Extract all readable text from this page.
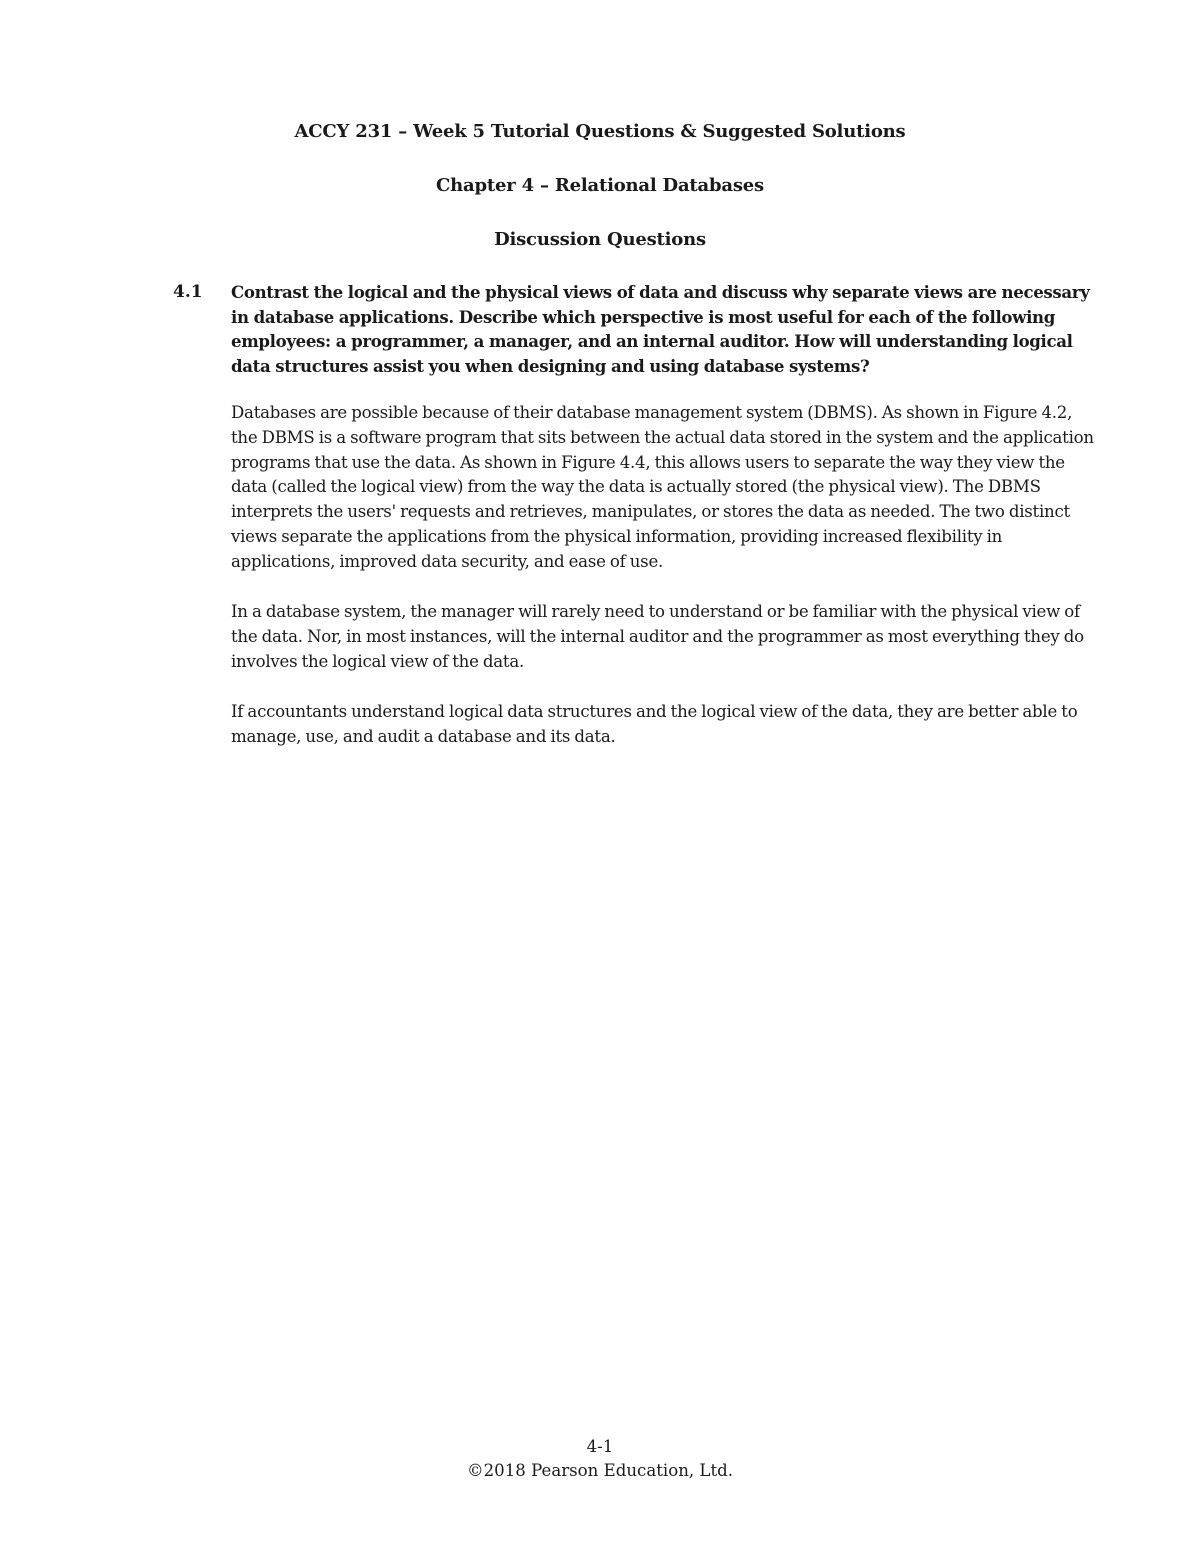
ACCY 231 – Week 5 Tutorial Questions & Suggested Solutions
Chapter 4 – Relational Databases
Discussion Questions
4.1 Contrast the logical and the physical views of data and discuss why separate views are necessary in database applications. Describe which perspective is most useful for each of the following employees: a programmer, a manager, and an internal auditor. How will understanding logical data structures assist you when designing and using database systems?
Databases are possible because of their database management system (DBMS). As shown in Figure 4.2, the DBMS is a software program that sits between the actual data stored in the system and the application programs that use the data. As shown in Figure 4.4, this allows users to separate the way they view the data (called the logical view) from the way the data is actually stored (the physical view). The DBMS interprets the users' requests and retrieves, manipulates, or stores the data as needed. The two distinct views separate the applications from the physical information, providing increased flexibility in applications, improved data security, and ease of use.
In a database system, the manager will rarely need to understand or be familiar with the physical view of the data. Nor, in most instances, will the internal auditor and the programmer as most everything they do involves the logical view of the data.
If accountants understand logical data structures and the logical view of the data, they are better able to manage, use, and audit a database and its data.
4-1
©2018 Pearson Education, Ltd.
